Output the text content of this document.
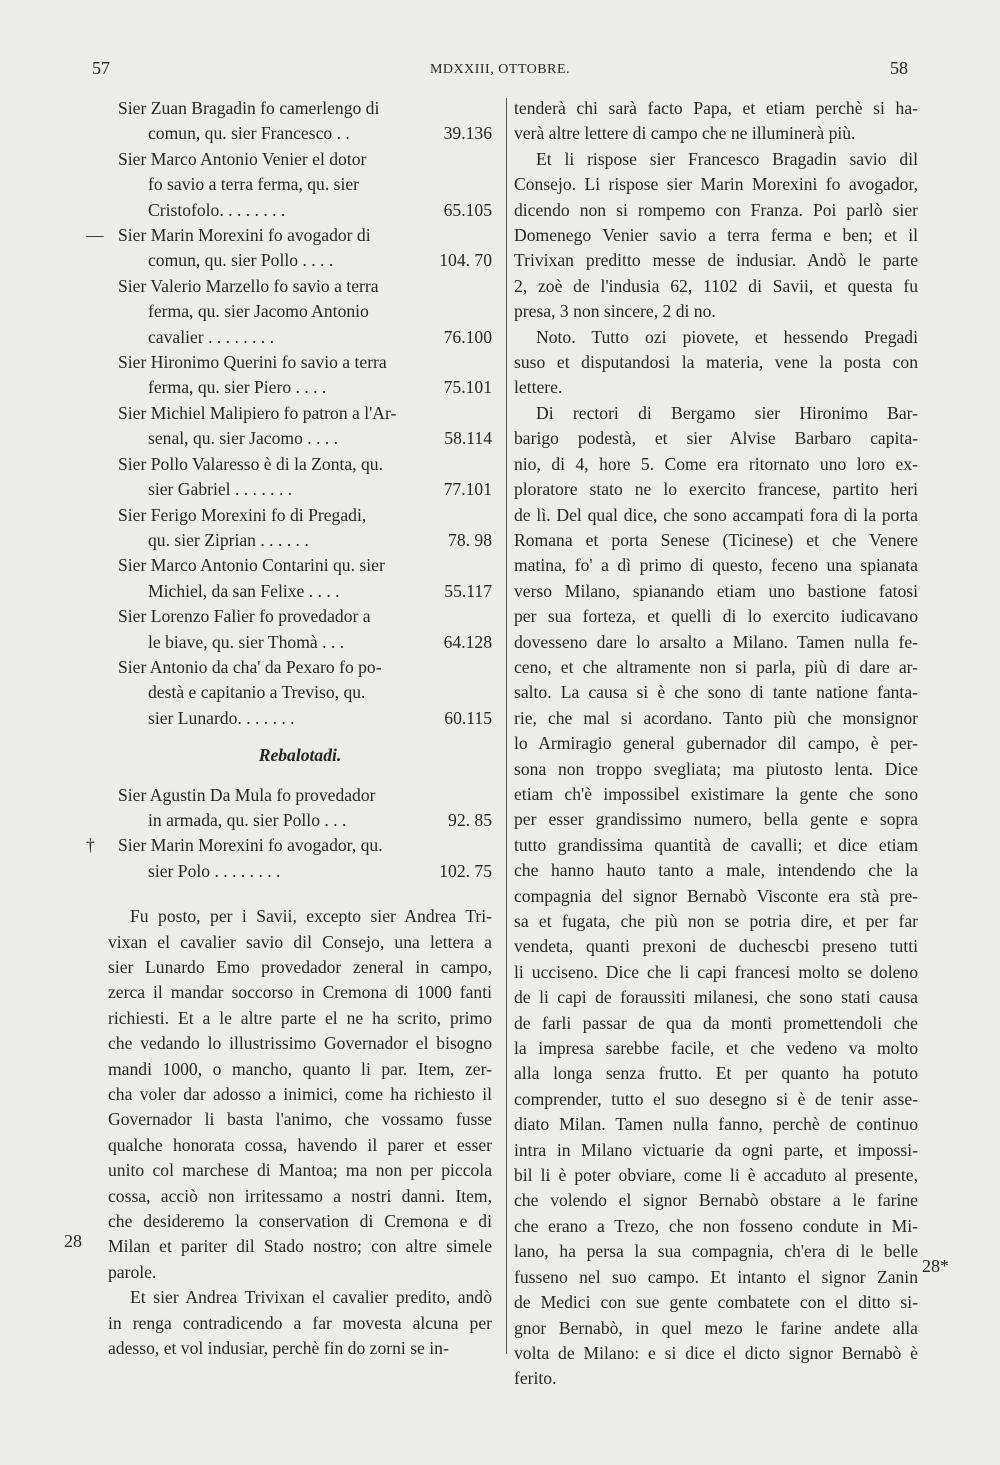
57	MDXXIII, OTTOBRE.	58
Sier Zuan Bragadin fo camerlengo di
comun, qu. sier Francesco . .	39.136
Sier Marco Antonio Venier el dotor
fo savio a terra ferma, qu. sier
Cristofolo. . . . . . . .	65.105
Sier Marin Morexini fo avogador di
—
comun, qu. sier Pollo . . . .	104. 70
Sier Valerio Marzello fo savio a terra
ferma, qu. sier Jacomo Antonio
cavalier . . . . . . . .	76.100
Sier Hironimo Querini fo savio a terra
ferma, qu. sier Piero . . . .	75.101
Sier Michiel Malipiero fo patron a l'Ar-
senal, qu. sier Jacomo . . . .	58.114
Sier Pollo Valaresso è di la Zonta, qu.
sier Gabriel . . . . . . .	77.101
Sier Ferigo Morexini fo di Pregadi,
qu. sier Ziprian . . . . . .	78. 98
Sier Marco Antonio Contarini qu. sier
Michiel, da san Felixe . . . .	55.117
Sier Lorenzo Falier fo provedador a
le biave, qu. sier Thomà . . .	64.128
Sier Antonio da cha' da Pexaro fo po-
destà e capitanio a Treviso, qu.
sier Lunardo. . . . . . .	60.115
Rebalotadi.
Sier Agustin Da Mula fo provedador
in armada, qu. sier Pollo . . .	92. 85
Sier Marin Morexini fo avogador, qu.
†
sier Polo . . . . . . . .	102. 75
Fu posto, per i Savii, excepto sier Andrea Tri-
vixan el cavalier savio dil Consejo, una lettera a
sier Lunardo Emo provedador zeneral in campo,
zerca il mandar soccorso in Cremona di 1000 fanti
richiesti. Et a le altre parte el ne ha scrito, primo
che vedando lo illustrissimo Governador el bisogno
mandi 1000, o mancho, quanto li par. Item, zer-
cha voler dar adosso a inimici, come ha richiesto il
Governador li basta l'animo, che vossamo fusse
qualche honorata cossa, havendo il parer et esser
unito col marchese di Mantoa; ma non per piccola
cossa, acciò non irritessamo a nostri danni. Item,
che desideremo la conservation di Cremona e di
Milan et pariter dil Stado nostro; con altre simele
parole.
Et sier Andrea Trivixan el cavalier predito, andò
in renga contradicendo a far movesta alcuna per
adesso, et vol indusiar, perchè fin do zorni se in-
28
tenderà chi sarà facto Papa, et etiam perchè si ha-
verà altre lettere di campo che ne illuminerà più.
Et li rispose sier Francesco Bragadin savio dil
Consejo. Li rispose sier Marin Morexini fo avogador,
dicendo non si rompemo con Franza. Poi parlò sier
Domenego Venier savio a terra ferma e ben; et il
Trivixan preditto messe de indusiar. Andò le parte
2, zoè de l'indusia 62, 1102 di Savii, et questa fu
presa, 3 non sincere, 2 di no.
Noto. Tutto ozi piovete, et hessendo Pregadi
suso et disputandosi la materia, vene la posta con
lettere.
Di rectori di Bergamo sier Hironimo Bar-
barigo podestà, et sier Alvise Barbaro capita-
nio, di 4, hore 5. Come era ritornato uno loro ex-
ploratore stato ne lo exercito francese, partito heri
de lì. Del qual dice, che sono accampati fora di la porta
Romana et porta Senese (Ticinese) et che Venere
matina, fo' a dì primo di questo, feceno una spianata
verso Milano, spianando etiam uno bastione fatosi
per sua forteza, et quelli di lo exercito iudicavano
dovesseno dare lo arsalto a Milano. Tamen nulla fe-
ceno, et che altramente non si parla, più di dare ar-
salto. La causa si è che sono di tante natione fanta-
rie, che mal si acordano. Tanto più che monsignor
lo Armiragio general gubernador dil campo, è per-
sona non troppo svegliata; ma piutosto lenta. Dice
etiam ch'è impossibel existimare la gente che sono
per esser grandissimo numero, bella gente e sopra
tutto grandissima quantità de cavalli; et dice etiam
che hanno hauto tanto a male, intendendo che la
compagnia del signor Bernabò Visconte era stà pre-
sa et fugata, che più non se potria dire, et per far
vendeta, quanti prexoni de duchescbi preseno tutti
li ucciseno. Dice che li capi francesi molto se doleno
de li capi de foraussiti milanesi, che sono stati causa
de farli passar de qua da monti promettendoli che
la impresa sarebbe facile, et che vedeno va molto
alla longa senza frutto. Et per quanto ha potuto
comprender, tutto el suo desegno si è de tenir asse-
diato Milan. Tamen nulla fanno, perchè de continuo
intra in Milano victuarie da ogni parte, et impossi-
bil li è poter obviare, come li è accaduto al presente,
che volendo el signor Bernabò obstare a le farine
che erano a Trezo, che non fosseno condute in Mi-
lano, ha persa la sua compagnia, ch'era di le belle
fusseno nel suo campo. Et intanto el signor Zanin
de Medici con sue gente combatete con el ditto si-
gnor Bernabò, in quel mezo le farine andete alla
volta de Milano: e si dice el dicto signor Bernabò è
ferito.
28*
